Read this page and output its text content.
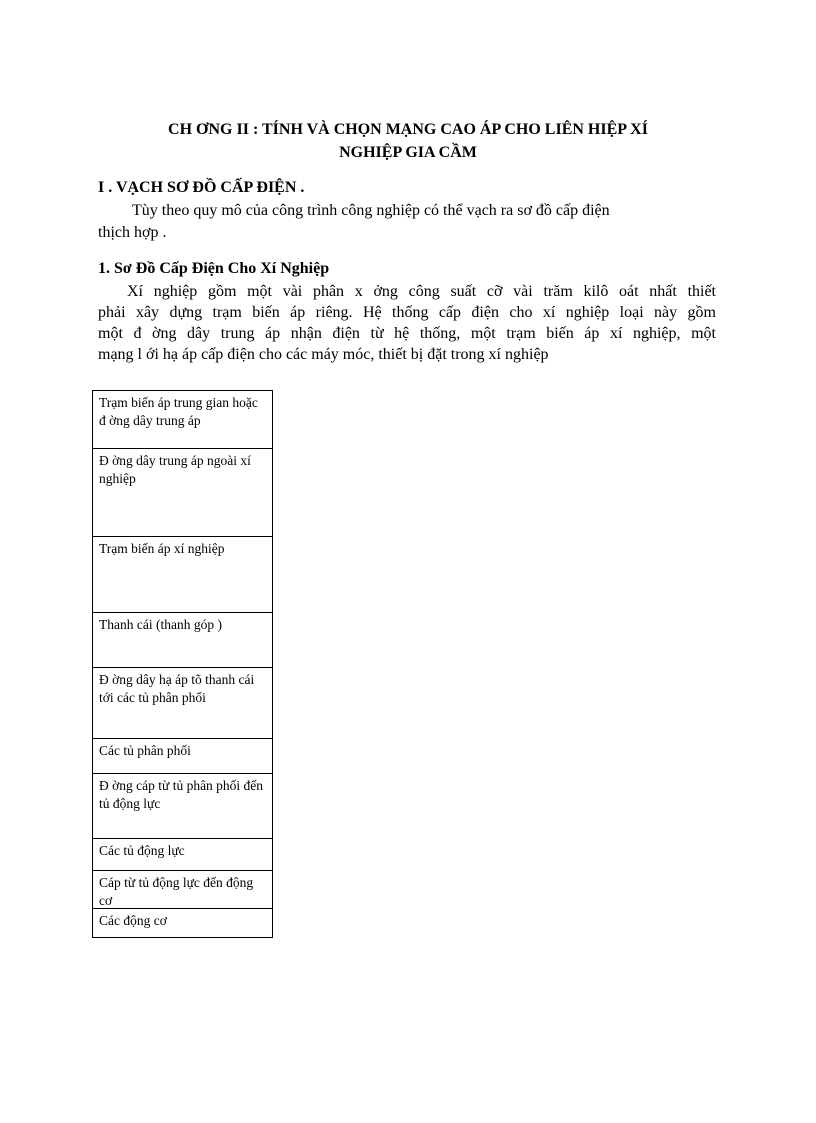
CH ƠNG II : TÍNH VÀ CHỌN MẠNG CAO ÁP CHO LIÊN HIỆP XÍ
NGHIỆP GIA CẦM
I . VẠCH SƠ ĐỒ CẤP ĐIỆN .
Tùy theo quy mô của công trình công nghiệp có thể vạch ra sơ đồ cấp điện
thịch hợp .
1. Sơ Đồ Cấp Điện Cho Xí Nghiệp
Xí nghiệp gồm một vài phân x ởng công suất cỡ vài trăm kilô oát nhất thiết
phải xây dựng trạm biến áp riêng. Hệ thống cấp điện cho xí nghiệp loại này gồm
một đ ờng dây trung áp nhận điện từ hệ thống, một trạm biến áp xí nghiệp, một
mạng l ới hạ áp cấp điện cho các máy móc, thiết bị đặt trong xí nghiệp
Trạm biến áp trung gian hoặc đ ờng dây trung áp
Đ ờng dây trung áp ngoài xí nghiệp
Trạm biến áp xí nghiệp
Thanh cái (thanh góp )
Đ ờng dây hạ áp tõ thanh cái tới các tủ phân phối
Các tủ phân phối
Đ ờng cáp từ tủ phân phối đến tủ động lực
Các tủ động lực
Cáp từ tủ động lực đến động cơ
Các động cơ
